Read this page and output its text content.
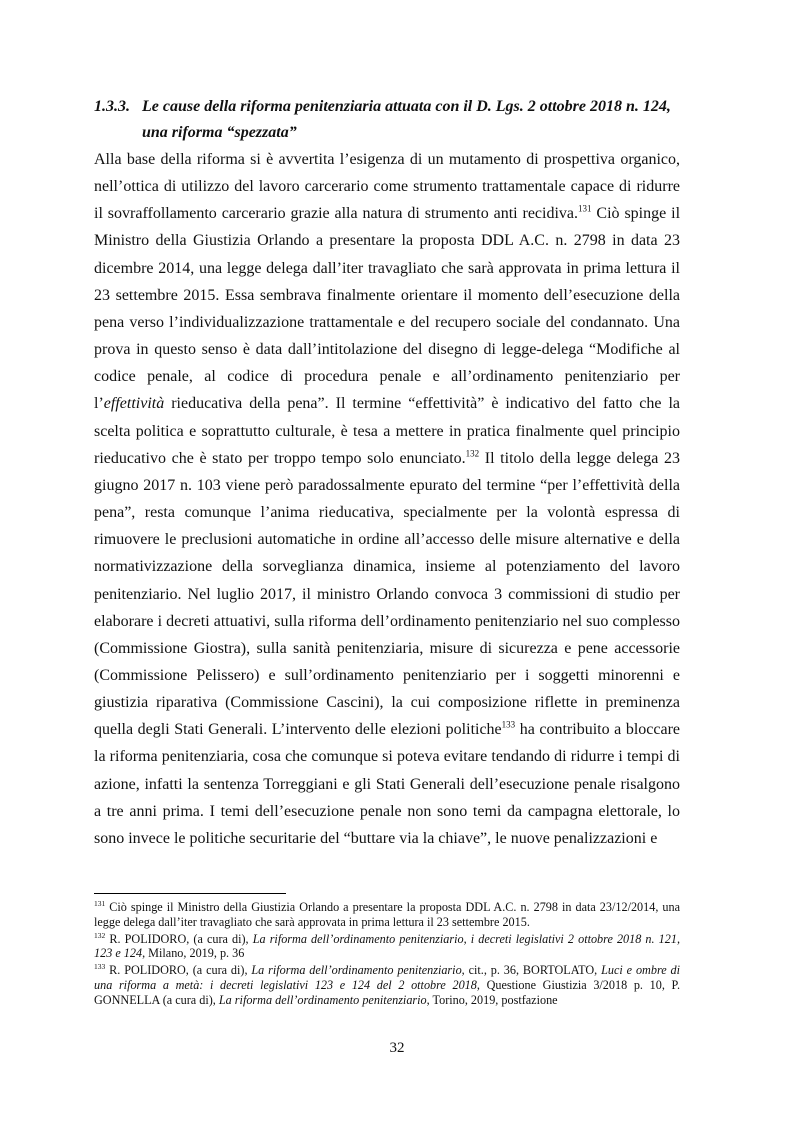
1.3.3. Le cause della riforma penitenziaria attuata con il D. Lgs. 2 ottobre 2018 n. 124,
una riforma “spezzata”

Alla base della riforma si è avvertita l’esigenza di un mutamento di prospettiva organico, nell’ottica di utilizzo del lavoro carcerario come strumento trattamentale capace di ridurre il sovraffollamento carcerario grazie alla natura di strumento anti recidiva.$^{131}$ Ciò spinge il Ministro della Giustizia Orlando a presentare la proposta DDL A.C. n. 2798 in data 23 dicembre 2014, una legge delega dall’iter travagliato che sarà approvata in prima lettura il 23 settembre 2015. Essa sembrava finalmente orientare il momento dell’esecuzione della pena verso l’individualizzazione trattamentale e del recupero sociale del condannato. Una prova in questo senso è data dall’intitolazione del disegno di legge-delega “Modifiche al codice penale, al codice di procedura penale e all’ordinamento penitenziario per l’effettività rieducativa della pena”. Il termine “effettività” è indicativo del fatto che la scelta politica e soprattutto culturale, è tesa a mettere in pratica finalmente quel principio rieducativo che è stato per troppo tempo solo enunciato.$^{132}$ Il titolo della legge delega 23 giugno 2017 n. 103 viene però paradossalmente epurato del termine “per l’effettività della pena”, resta comunque l’anima rieducativa, specialmente per la volontà espressa di rimuovere le preclusioni automatiche in ordine all’accesso delle misure alternative e della normativizzazione della sorveglianza dinamica, insieme al potenziamento del lavoro penitenziario. Nel luglio 2017, il ministro Orlando convoca 3 commissioni di studio per elaborare i decreti attuativi, sulla riforma dell’ordinamento penitenziario nel suo complesso (Commissione Giostra), sulla sanità penitenziaria, misure di sicurezza e pene accessorie (Commissione Pelissero) e sull’ordinamento penitenziario per i soggetti minorenni e giustizia riparativa (Commissione Cascini), la cui composizione riflette in preminenza quella degli Stati Generali. L’intervento delle elezioni politiche$^{133}$ ha contribuito a bloccare la riforma penitenziaria, cosa che comunque si poteva evitare tendando di ridurre i tempi di azione, infatti la sentenza Torreggiani e gli Stati Generali dell’esecuzione penale risalgono a tre anni prima. I temi dell’esecuzione penale non sono temi da campagna elettorale, lo sono invece le politiche securitarie del “buttare via la chiave”, le nuove penalizzazioni e

$^{131}$ Ciò spinge il Ministro della Giustizia Orlando a presentare la proposta DDL A.C. n. 2798 in data 23/12/2014, una legge delega dall’iter travagliato che sarà approvata in prima lettura il 23 settembre 2015.

$^{132}$ R. POLIDORO, (a cura di), La riforma dell’ordinamento penitenziario, i decreti legislativi 2 ottobre 2018 n. 121, 123 e 124, Milano, 2019, p. 36

$^{133}$ R. POLIDORO, (a cura di), La riforma dell’ordinamento penitenziario, cit., p. 36, BORTOLATO, Luci e ombre di una riforma a metà: i decreti legislativi 123 e 124 del 2 ottobre 2018, Questione Giustizia 3/2018 p. 10, P. GONNELLA (a cura di), La riforma dell’ordinamento penitenziario, Torino, 2019, postfazione

32
